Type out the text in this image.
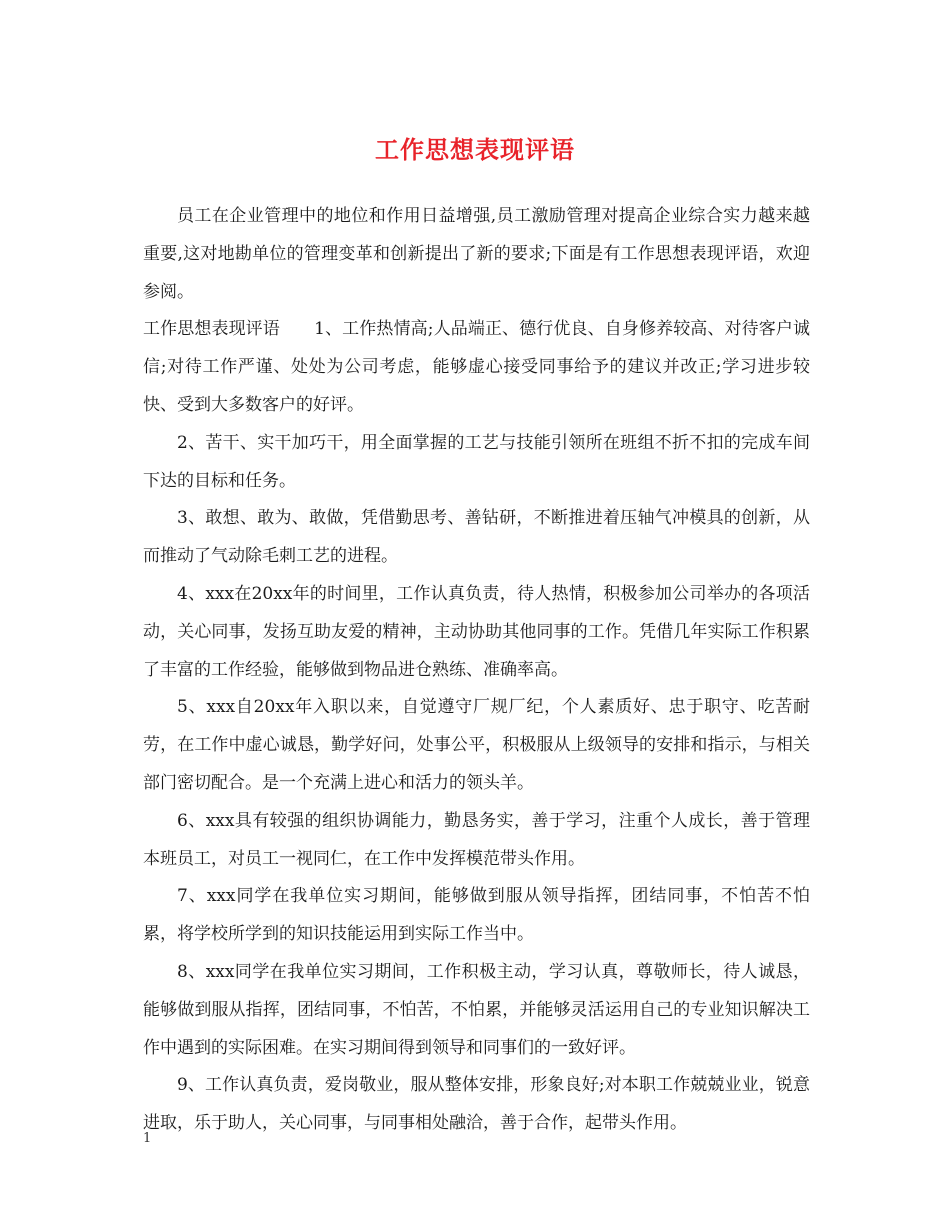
工作思想表现评语

员工在企业管理中的地位和作用日益增强,员工激励管理对提高企业综合实力越来越重要,这对地勘单位的管理变革和创新提出了新的要求;下面是有工作思想表现评语，欢迎参阅。

工作思想表现评语　　1、工作热情高;人品端正、德行优良、自身修养较高、对待客户诚信;对待工作严谨、处处为公司考虑，能够虚心接受同事给予的建议并改正;学习进步较快、受到大多数客户的好评。

2、苦干、实干加巧干，用全面掌握的工艺与技能引领所在班组不折不扣的完成车间下达的目标和任务。

3、敢想、敢为、敢做，凭借勤思考、善钻研，不断推进着压轴气冲模具的创新，从而推动了气动除毛刺工艺的进程。

4、xxx在20xx年的时间里，工作认真负责，待人热情，积极参加公司举办的各项活动，关心同事，发扬互助友爱的精神，主动协助其他同事的工作。凭借几年实际工作积累了丰富的工作经验，能够做到物品进仓熟练、准确率高。

5、xxx自20xx年入职以来，自觉遵守厂规厂纪，个人素质好、忠于职守、吃苦耐劳，在工作中虚心诚恳，勤学好问，处事公平，积极服从上级领导的安排和指示，与相关部门密切配合。是一个充满上进心和活力的领头羊。

6、xxx具有较强的组织协调能力，勤恳务实，善于学习，注重个人成长，善于管理本班员工，对员工一视同仁，在工作中发挥模范带头作用。

7、xxx同学在我单位实习期间，能够做到服从领导指挥，团结同事，不怕苦不怕累，将学校所学到的知识技能运用到实际工作当中。

8、xxx同学在我单位实习期间，工作积极主动，学习认真，尊敬师长，待人诚恳，能够做到服从指挥，团结同事，不怕苦，不怕累，并能够灵活运用自己的专业知识解决工作中遇到的实际困难。在实习期间得到领导和同事们的一致好评。

9、工作认真负责，爱岗敬业，服从整体安排，形象良好;对本职工作兢兢业业，锐意进取，乐于助人，关心同事，与同事相处融洽，善于合作，起带头作用。

1
